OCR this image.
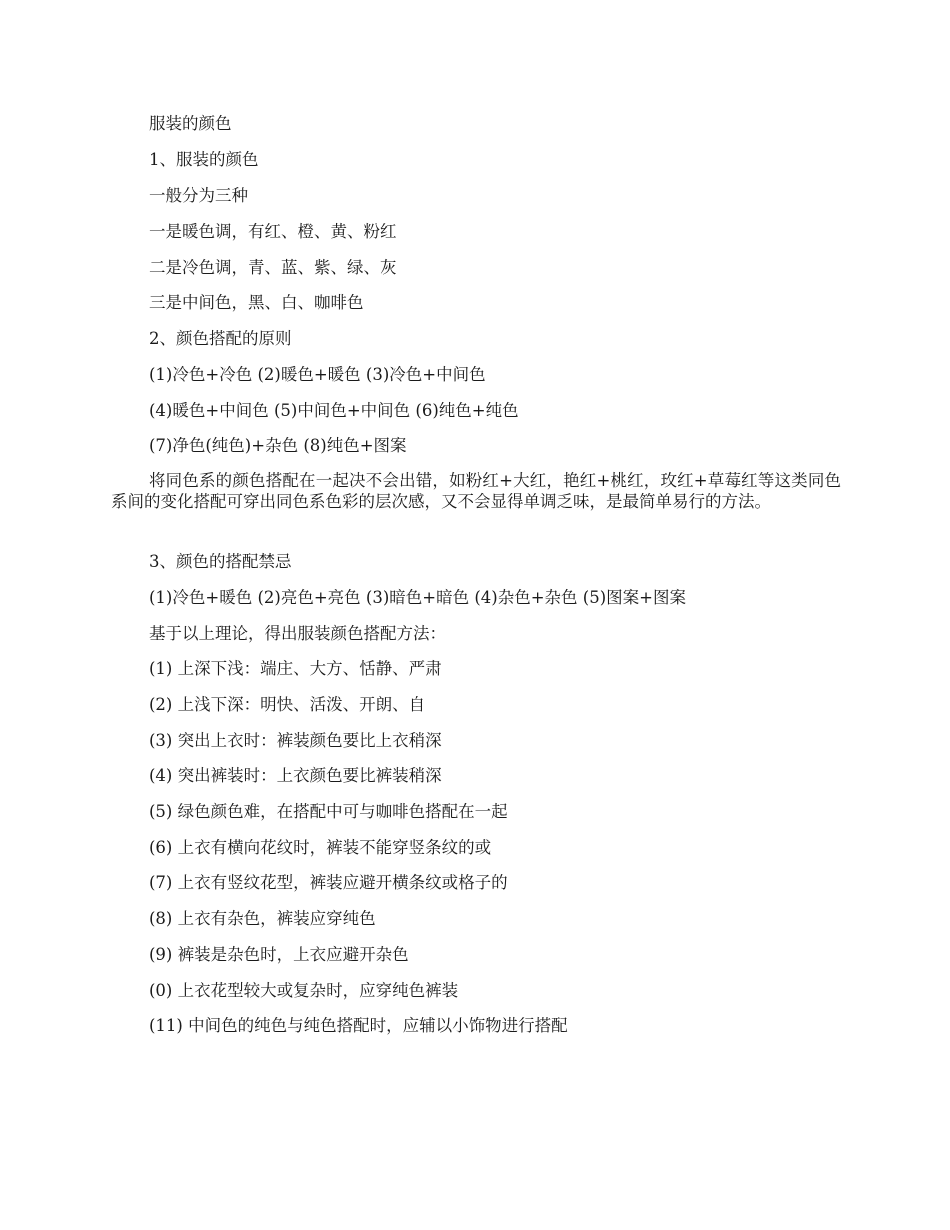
服装的颜色
1、服装的颜色
一般分为三种
一是暖色调，有红、橙、黄、粉红
二是冷色调，青、蓝、紫、绿、灰
三是中间色，黑、白、咖啡色
2、颜色搭配的原则
(1)冷色+冷色 (2)暖色+暖色 (3)冷色+中间色
(4)暖色+中间色 (5)中间色+中间色 (6)纯色+纯色
(7)净色(纯色)+杂色 (8)纯色+图案
将同色系的颜色搭配在一起决不会出错，如粉红+大红，艳红+桃红，玫红+草莓红等这类同色系间的变化搭配可穿出同色系色彩的层次感，又不会显得单调乏味，是最简单易行的方法。
3、颜色的搭配禁忌
(1)冷色+暖色 (2)亮色+亮色 (3)暗色+暗色 (4)杂色+杂色 (5)图案+图案
基于以上理论，得出服装颜色搭配方法：
(1) 上深下浅：端庄、大方、恬静、严肃
(2) 上浅下深：明快、活泼、开朗、自
(3) 突出上衣时：裤装颜色要比上衣稍深
(4) 突出裤装时：上衣颜色要比裤装稍深
(5) 绿色颜色难，在搭配中可与咖啡色搭配在一起
(6) 上衣有横向花纹时，裤装不能穿竖条纹的或
(7) 上衣有竖纹花型，裤装应避开横条纹或格子的
(8) 上衣有杂色，裤装应穿纯色
(9) 裤装是杂色时，上衣应避开杂色
(0) 上衣花型较大或复杂时，应穿纯色裤装
(11) 中间色的纯色与纯色搭配时，应辅以小饰物进行搭配
